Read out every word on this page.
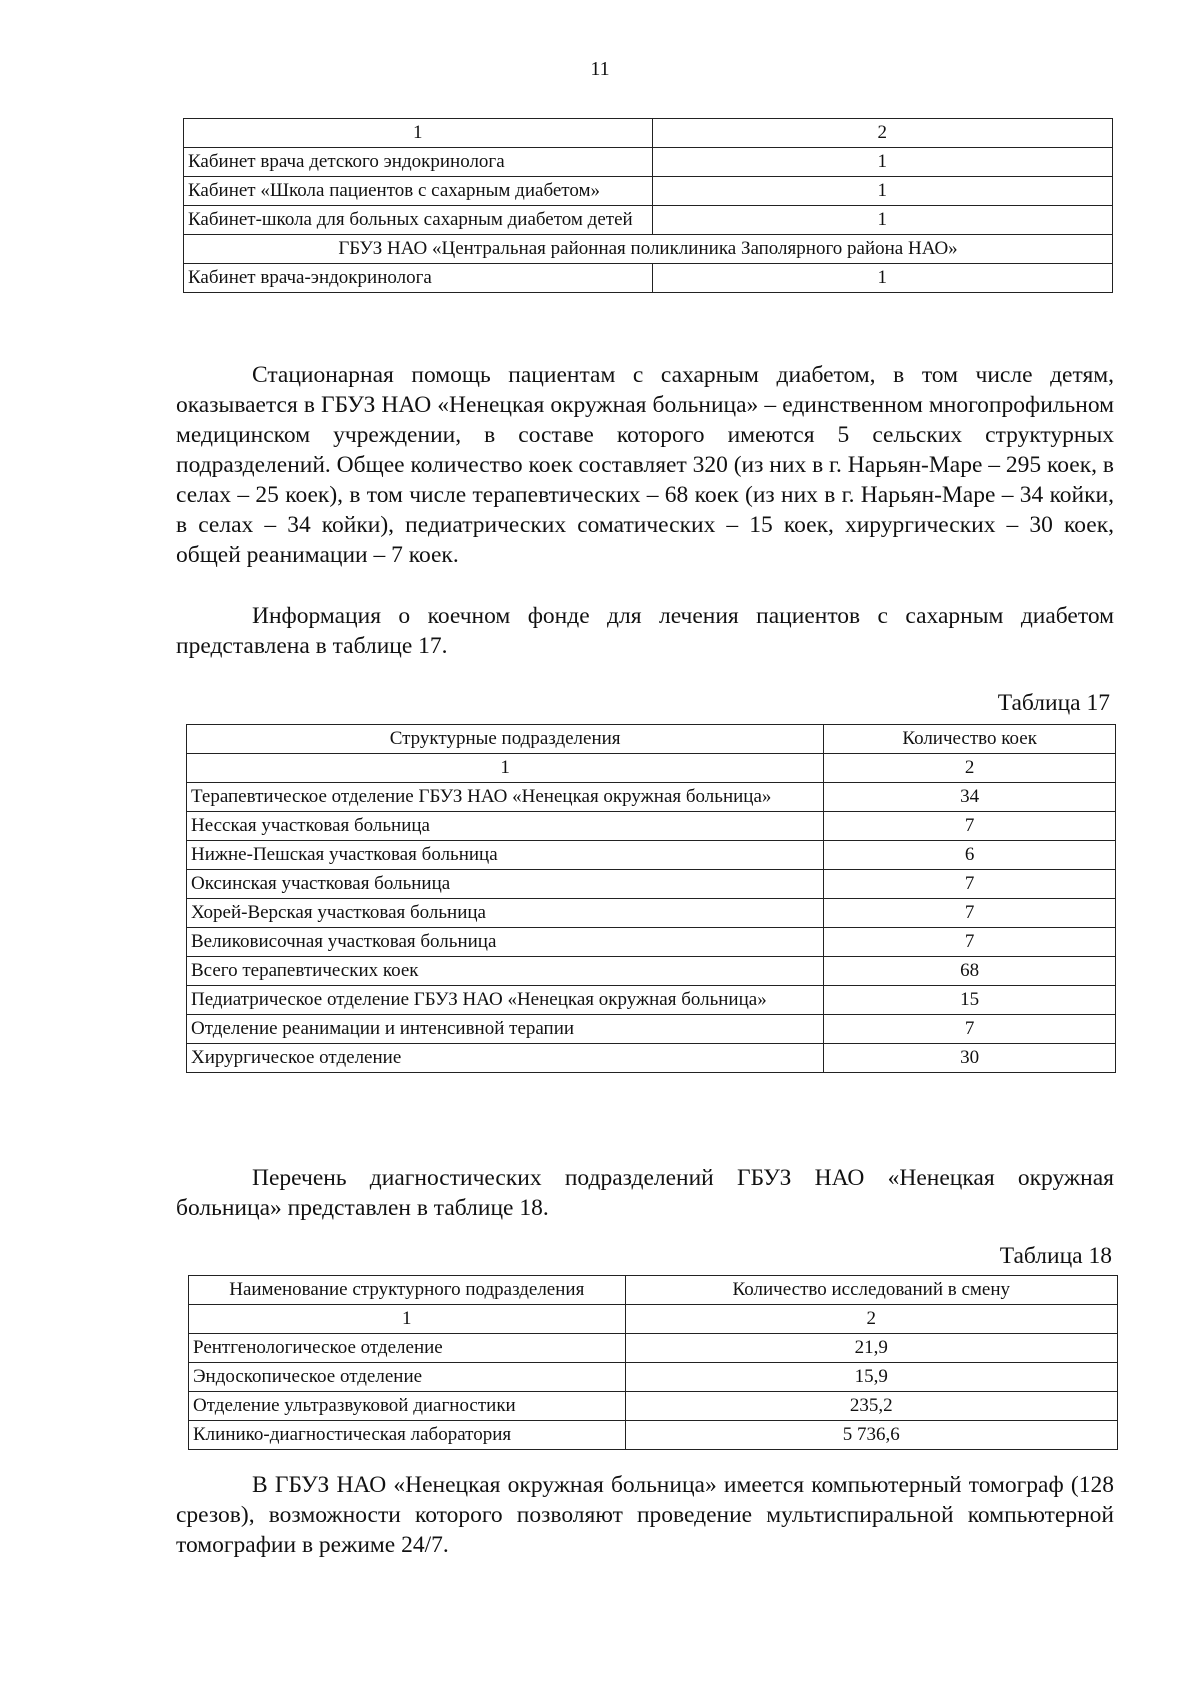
11
1	2
Кабинет врача детского эндокринолога	1
Кабинет «Школа пациентов с сахарным диабетом»	1
Кабинет-школа для больных сахарным диабетом детей	1
ГБУЗ НАО «Центральная районная поликлиника Заполярного района НАО»	
Кабинет врача-эндокринолога	1
Стационарная помощь пациентам с сахарным диабетом, в том числе детям, оказывается в ГБУЗ НАО «Ненецкая окружная больница» – единственном многопрофильном медицинском учреждении, в составе которого имеются 5 сельских структурных подразделений. Общее количество коек составляет 320 (из них в г. Нарьян-Маре – 295 коек, в селах – 25 коек), в том числе терапевтических – 68 коек (из них в г. Нарьян-Маре – 34 койки, в селах – 34 койки), педиатрических соматических – 15 коек, хирургических – 30 коек, общей реанимации – 7 коек.
Информация о коечном фонде для лечения пациентов с сахарным диабетом представлена в таблице 17.
Таблица 17
Структурные подразделения	Количество коек
1	2
Терапевтическое отделение ГБУЗ НАО «Ненецкая окружная больница»	34
Несская участковая больница	7
Нижне-Пешская участковая больница	6
Оксинская участковая больница	7
Хорей-Верская участковая больница	7
Великовисочная участковая больница	7
Всего терапевтических коек	68
Педиатрическое отделение ГБУЗ НАО «Ненецкая окружная больница»	15
Отделение реанимации и интенсивной терапии	7
Хирургическое отделение	30
Перечень диагностических подразделений ГБУЗ НАО «Ненецкая окружная больница» представлен в таблице 18.
Таблица 18
Наименование структурного подразделения	Количество исследований в смену
1	2
Рентгенологическое отделение	21,9
Эндоскопическое отделение	15,9
Отделение ультразвуковой диагностики	235,2
Клинико-диагностическая лаборатория	5 736,6
В ГБУЗ НАО «Ненецкая окружная больница» имеется компьютерный томограф (128 срезов), возможности которого позволяют проведение мультиспиральной компьютерной томографии в режиме 24/7.
